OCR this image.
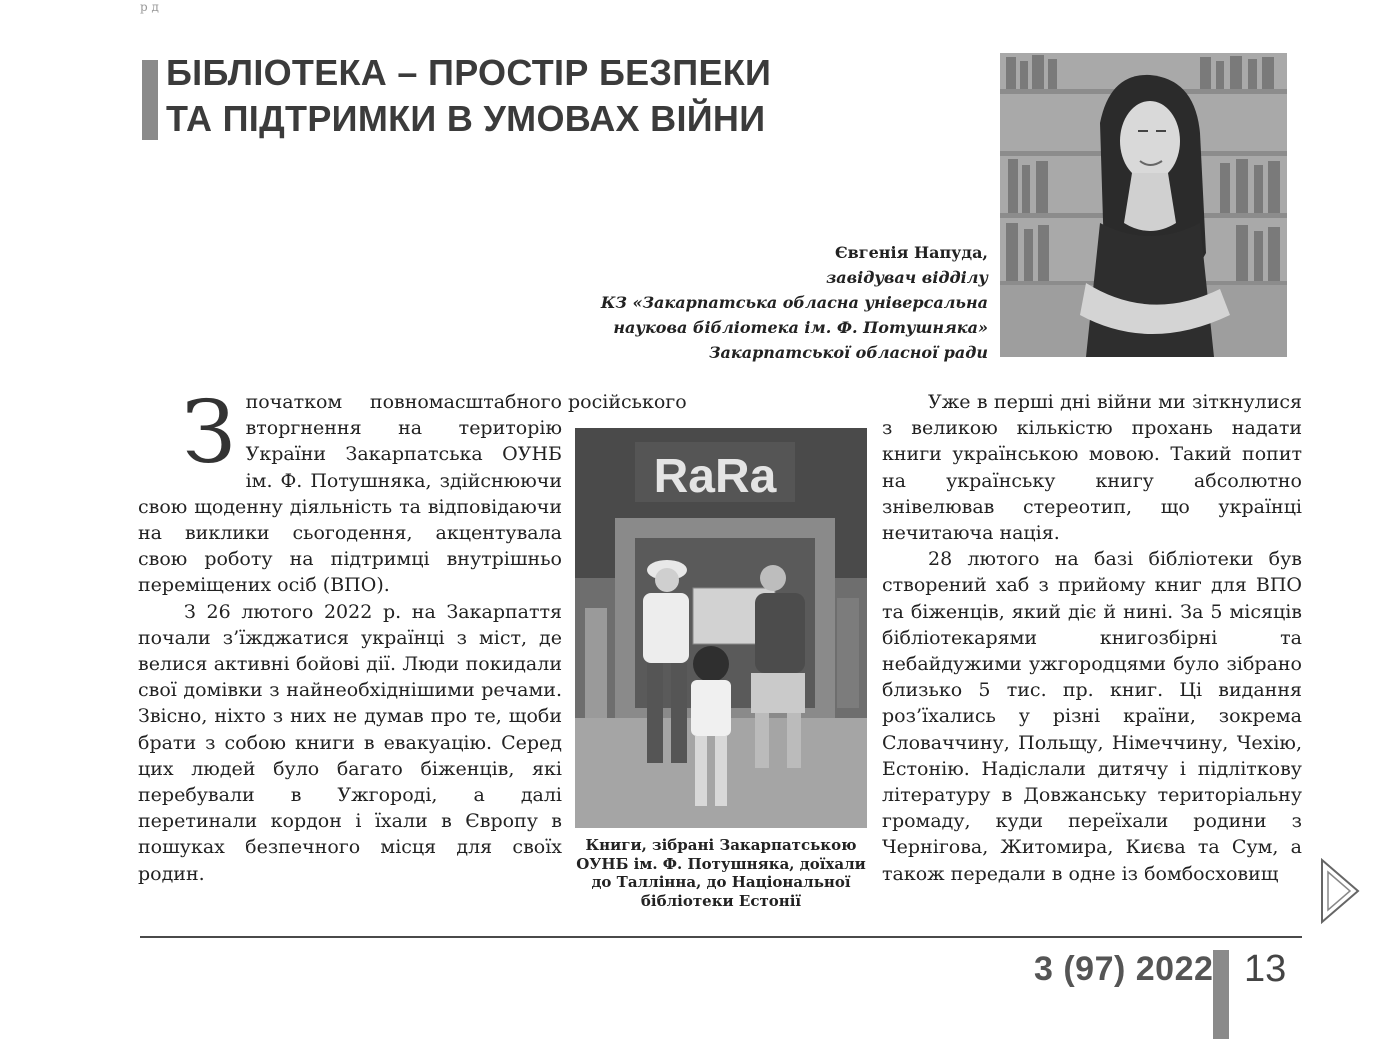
р д
БІБЛІОТЕКА – ПРОСТІР БЕЗПЕКИ
ТА ПІДТРИМКИ В УМОВАХ ВІЙНИ
Євгенія Напуда,
завідувач відділу
КЗ «Закарпатська обласна універсальна
наукова бібліотека ім. Ф. Потушняка»
Закарпатської обласної ради

Зпочатком повномасштабного вторгнення на територію України Закарпатська ОУНБ ім. Ф. Потушняка, здійснюючи свою щоденну діяльність та відповідаючи на виклики сьогодення, акцентувала свою роботу на підтримці внутрішньо переміщених осіб (ВПО).

З 26 лютого 2022 р. на Закарпаття почали з’їжджатися українці з міст, де велися активні бойові дії. Люди покидали свої домівки з найнеобхіднішими речами. Звісно, ніхто з них не думав про те, щоби брати з собою книги в евакуацію. Серед цих людей було багато біженців, які перебували в Ужгороді, а далі перетинали кордон і їхали в Європу в пошуках безпечного місця для своїх родин.

російського
RaRa
Книги, зібрані Закарпатською ОУНБ ім. Ф. Потушняка, доїхали до Таллінна, до Національної бібліотеки Естонії

Уже в перші дні війни ми зіткнулися з великою кількістю прохань надати книги українською мовою. Такий попит на українську книгу абсолютно знівелював стереотип, що українці нечитаюча нація.

28 лютого на базі бібліотеки був створений хаб з прийому книг для ВПО та біженців, який діє й нині. За 5 місяців бібліотекарями книгозбірні та небайдужими ужгородцями було зібрано близько 5 тис. пр. книг. Ці видання роз’їхались у різні країни, зокрема Словаччину, Польщу, Німеччину, Чехію, Естонію. Надіслали дитячу і підліткову літературу в Довжанську територіальну громаду, куди переїхали родини з Чернігова, Житомира, Києва та Сум, а також передали в одне із бомбосховищ

3 (97) 2022 13
